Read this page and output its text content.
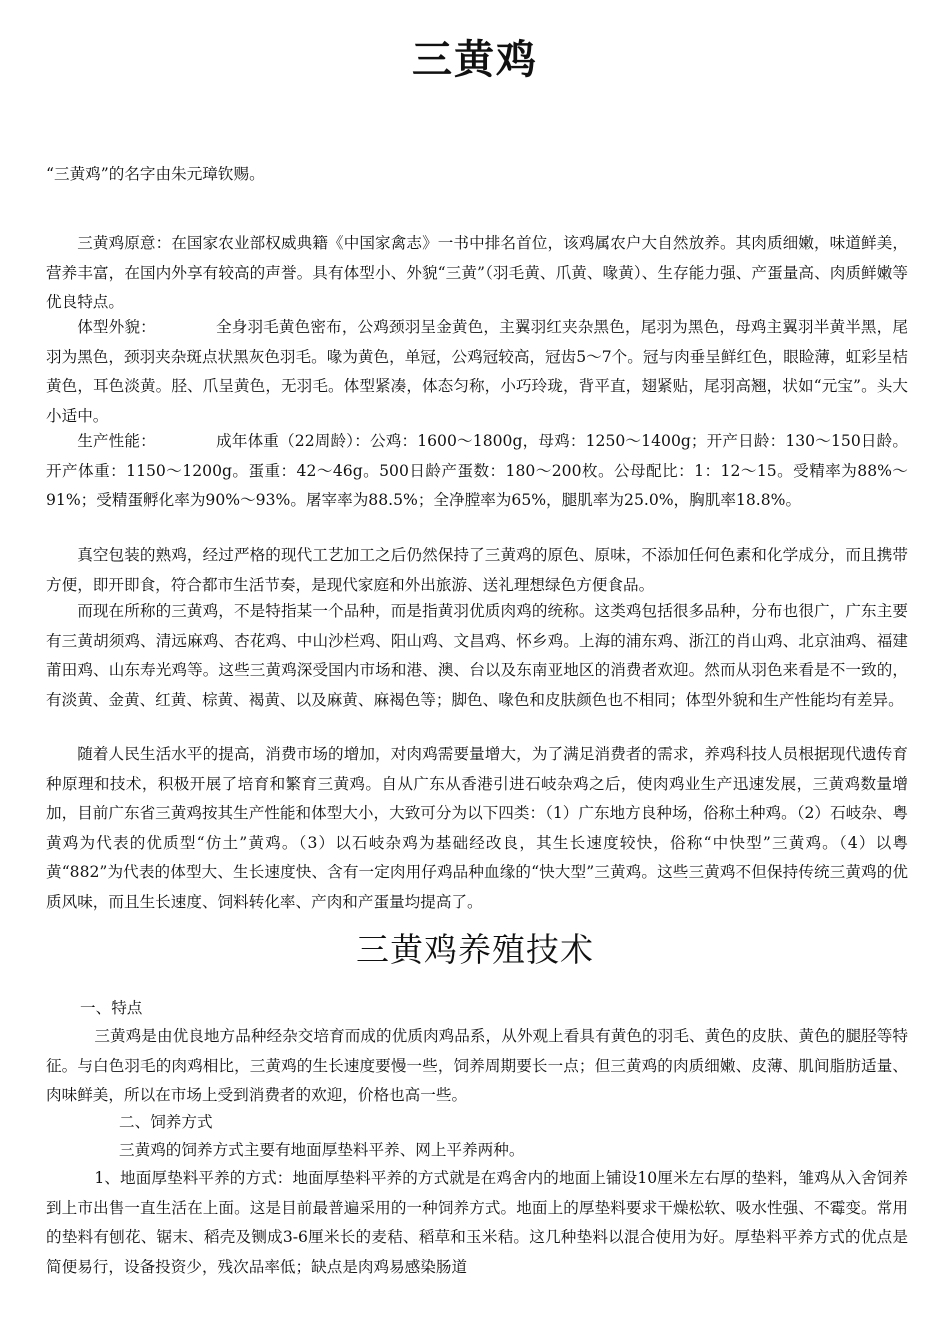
三黄鸡

“三黄鸡”的名字由朱元璋钦赐。

三黄鸡原意：在国家农业部权威典籍《中国家禽志》一书中排名首位，该鸡属农户大自然放养。其肉质细嫩，味道鲜美，营养丰富，在国内外享有较高的声誉。具有体型小、外貌“三黄”（羽毛黄、爪黄、喙黄）、生存能力强、产蛋量高、肉质鲜嫩等优良特点。

体型外貌：	全身羽毛黄色密布，公鸡颈羽呈金黄色，主翼羽红夹杂黑色，尾羽为黑色，母鸡主翼羽半黄半黑，尾羽为黑色，颈羽夹杂斑点状黑灰色羽毛。喙为黄色，单冠，公鸡冠较高，冠齿5～7个。冠与肉垂呈鲜红色，眼睑薄，虹彩呈桔黄色，耳色淡黄。胫、爪呈黄色，无羽毛。体型紧凑，体态匀称，小巧玲珑，背平直，翅紧贴，尾羽高翘，状如“元宝”。头大小适中。

生产性能：	成年体重（22周龄）：公鸡：1600～1800g，母鸡：1250～1400g；开产日龄：130～150日龄。开产体重：1150～1200g。蛋重：42～46g。500日龄产蛋数：180～200枚。公母配比：1：12～15。受精率为88%～91%；受精蛋孵化率为90%～93%。屠宰率为88.5%；全净膛率为65%，腿肌率为25.0%，胸肌率18.8%。

真空包装的熟鸡，经过严格的现代工艺加工之后仍然保持了三黄鸡的原色、原味，不添加任何色素和化学成分，而且携带方便，即开即食，符合都市生活节奏，是现代家庭和外出旅游、送礼理想绿色方便食品。

而现在所称的三黄鸡，不是特指某一个品种，而是指黄羽优质肉鸡的统称。这类鸡包括很多品种，分布也很广，广东主要有三黄胡须鸡、清远麻鸡、杏花鸡、中山沙栏鸡、阳山鸡、文昌鸡、怀乡鸡。上海的浦东鸡、浙江的肖山鸡、北京油鸡、福建莆田鸡、山东寿光鸡等。这些三黄鸡深受国内市场和港、澳、台以及东南亚地区的消费者欢迎。然而从羽色来看是不一致的，有淡黄、金黄、红黄、棕黄、褐黄、以及麻黄、麻褐色等；脚色、喙色和皮肤颜色也不相同；体型外貌和生产性能均有差异。

随着人民生活水平的提高，消费市场的增加，对肉鸡需要量增大，为了满足消费者的需求，养鸡科技人员根据现代遗传育种原理和技术，积极开展了培育和繁育三黄鸡。自从广东从香港引进石岐杂鸡之后，使肉鸡业生产迅速发展，三黄鸡数量增加，目前广东省三黄鸡按其生产性能和体型大小，大致可分为以下四类：（1）广东地方良种场，俗称土种鸡。（2）石岐杂、粤黄鸡为代表的优质型“仿土”黄鸡。（3）以石岐杂鸡为基础经改良，其生长速度较快，俗称“中快型”三黄鸡。（4）以粤黄“882”为代表的体型大、生长速度快、含有一定肉用仔鸡品种血缘的“快大型”三黄鸡。这些三黄鸡不但保持传统三黄鸡的优质风味，而且生长速度、饲料转化率、产肉和产蛋量均提高了。

三黄鸡养殖技术

一、特点

三黄鸡是由优良地方品种经杂交培育而成的优质肉鸡品系，从外观上看具有黄色的羽毛、黄色的皮肤、黄色的腿胫等特征。与白色羽毛的肉鸡相比，三黄鸡的生长速度要慢一些，饲养周期要长一点；但三黄鸡的肉质细嫩、皮薄、肌间脂肪适量、肉味鲜美，所以在市场上受到消费者的欢迎，价格也高一些。

二、饲养方式

三黄鸡的饲养方式主要有地面厚垫料平养、网上平养两种。

1、地面厚垫料平养的方式：地面厚垫料平养的方式就是在鸡舍内的地面上铺设10厘米左右厚的垫料，雏鸡从入舍饲养到上市出售一直生活在上面。这是目前最普遍采用的一种饲养方式。地面上的厚垫料要求干燥松软、吸水性强、不霉变。常用的垫料有刨花、锯末、稻壳及铡成3-6厘米长的麦秸、稻草和玉米秸。这几种垫料以混合使用为好。厚垫料平养方式的优点是简便易行，设备投资少，残次品率低；缺点是肉鸡易感染肠道
